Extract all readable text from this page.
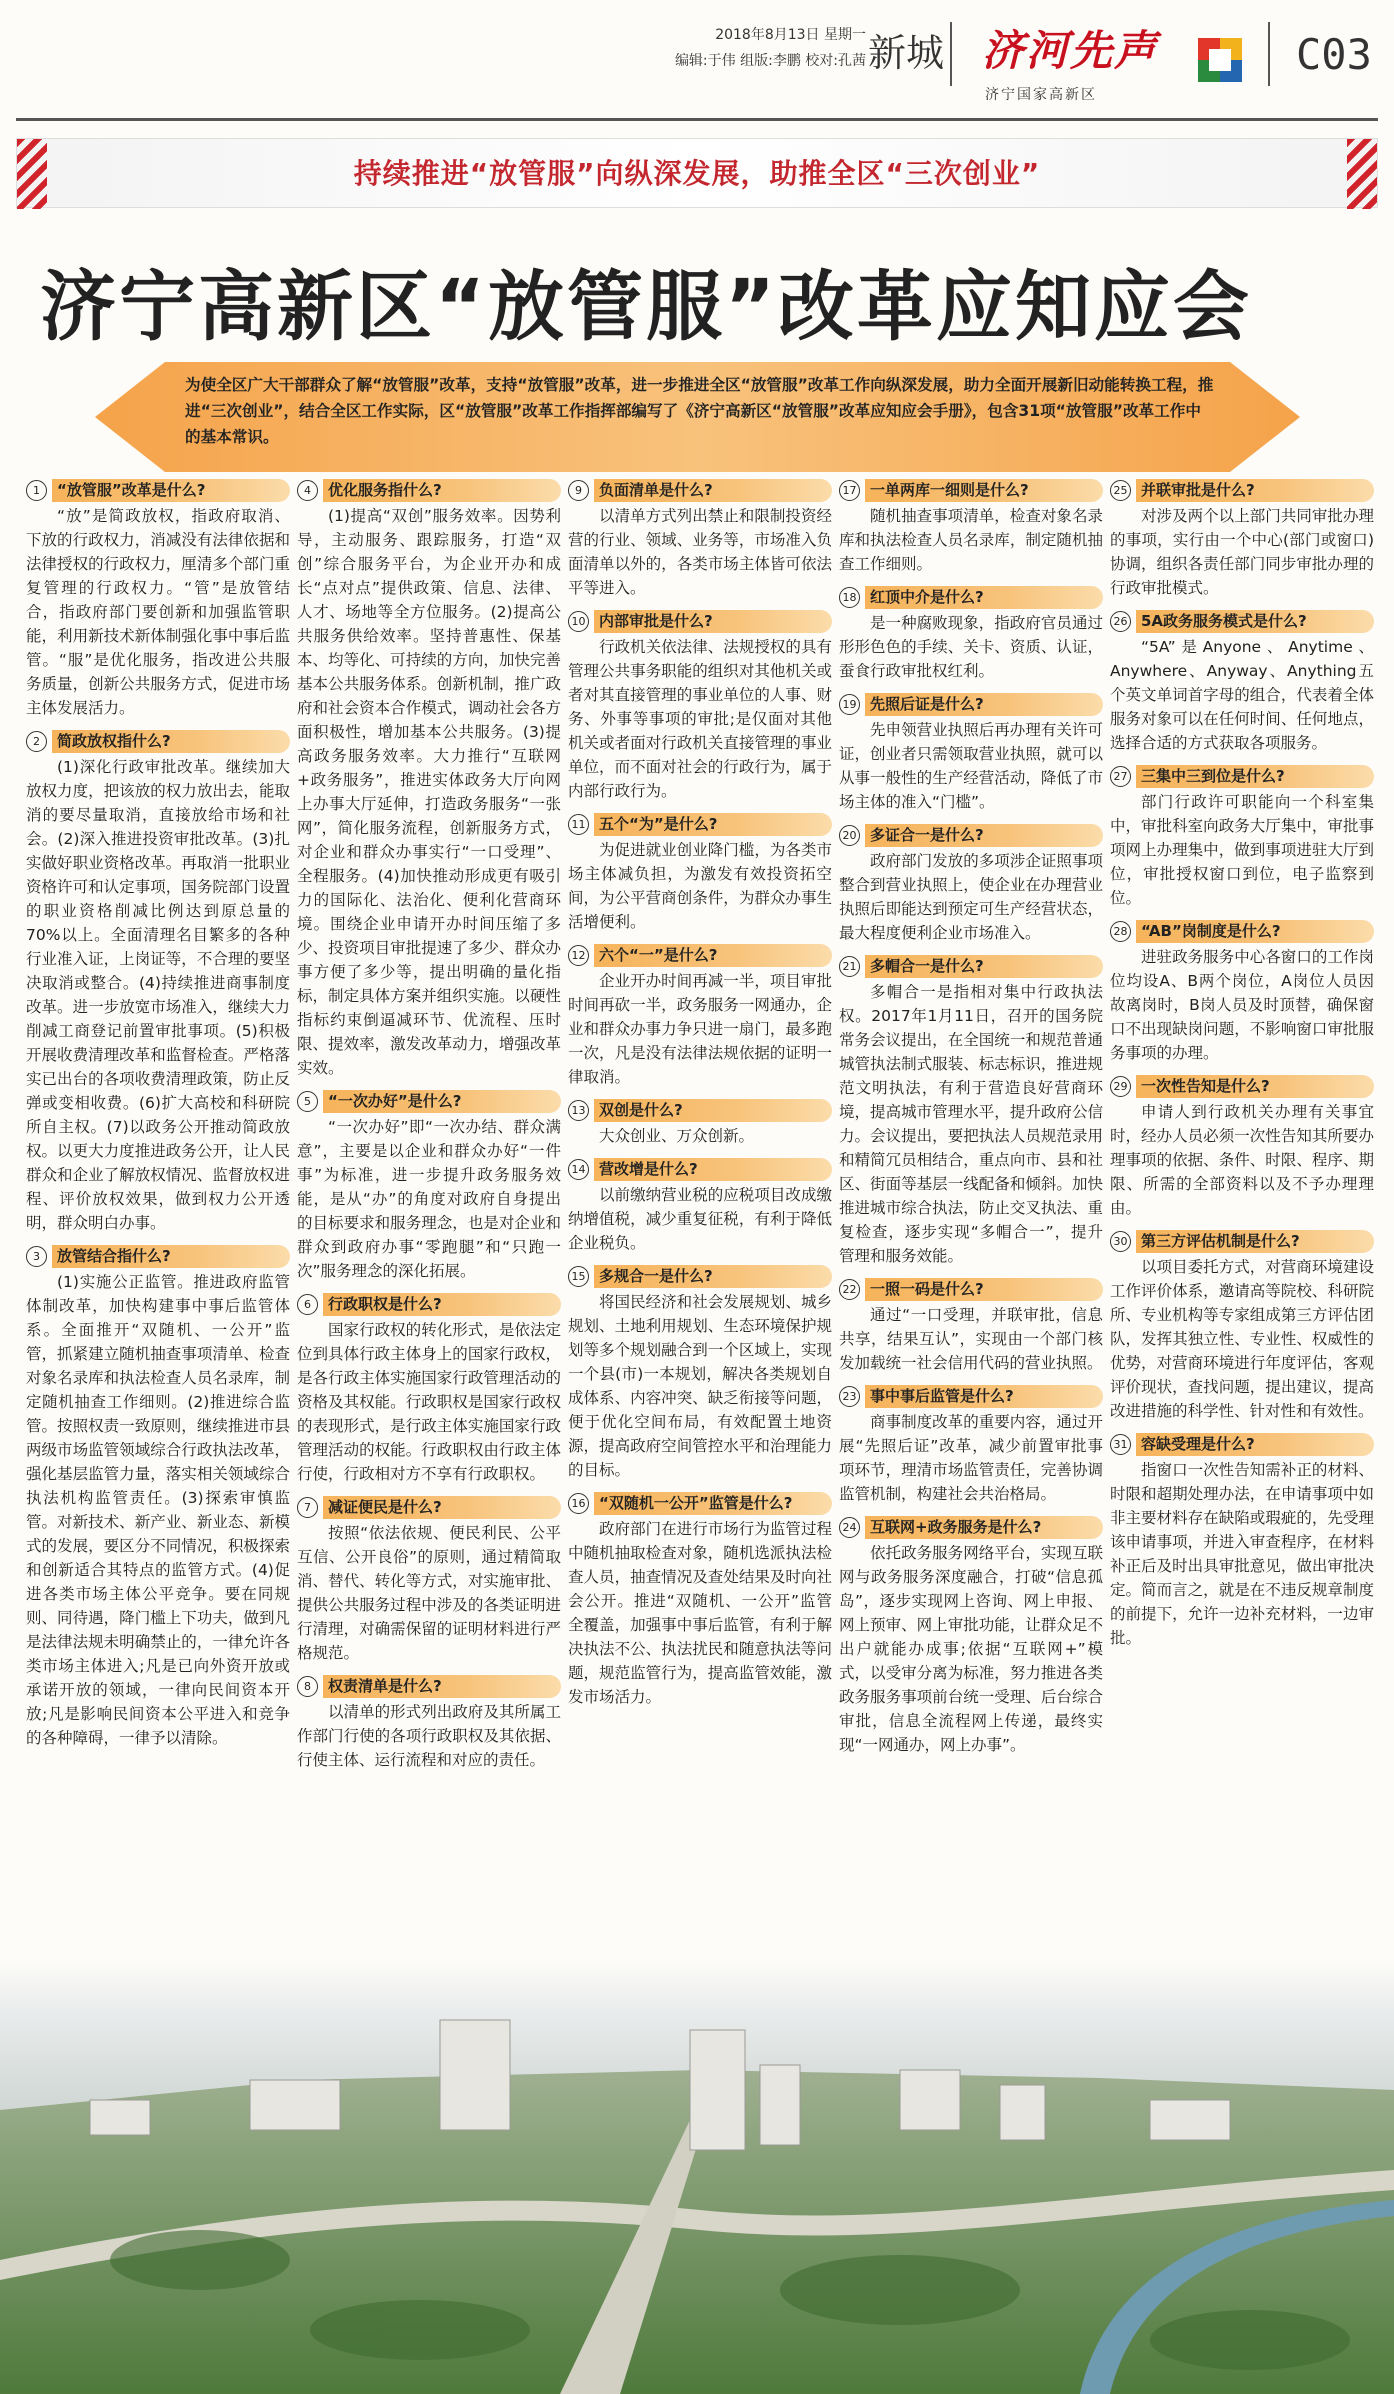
2018年8月13日 星期一
编辑:于伟 组版:李鹏 校对:孔茜 新城 济河先声
济宁国家高新区
C03
持续推进“放管服”向纵深发展，助推全区“三次创业”
济宁高新区“放管服”改革应知应会
为使全区广大干部群众了解“放管服”改革，支持“放管服”改革，进一步推进全区“放管服”改革工作向纵深发展，助力全面开展新旧动能转换工程，推进“三次创业”，结合全区工作实际，区“放管服”改革工作指挥部编写了《济宁高新区“放管服”改革应知应会手册》，包含31项“放管服”改革工作中的基本常识。
1	“放管服”改革是什么?
“放”是简政放权，指政府取消、下放的行政权力，消减没有法律依据和法律授权的行政权力，厘清多个部门重复管理的行政权力。“管”是放管结合，指政府部门要创新和加强监管职能，利用新技术新体制强化事中事后监管。“服”是优化服务，指改进公共服务质量，创新公共服务方式，促进市场主体发展活力。
2	简政放权指什么?
(1)深化行政审批改革。继续加大放权力度，把该放的权力放出去，能取消的要尽量取消，直接放给市场和社会。(2)深入推进投资审批改革。(3)扎实做好职业资格改革。再取消一批职业资格许可和认定事项，国务院部门设置的职业资格削减比例达到原总量的70%以上。全面清理名目繁多的各种行业准入证，上岗证等，不合理的要坚决取消或整合。(4)持续推进商事制度改革。进一步放宽市场准入，继续大力削减工商登记前置审批事项。(5)积极开展收费清理改革和监督检查。严格落实已出台的各项收费清理政策，防止反弹或变相收费。(6)扩大高校和科研院所自主权。(7)以政务公开推动简政放权。以更大力度推进政务公开，让人民群众和企业了解放权情况、监督放权进程、评价放权效果，做到权力公开透明，群众明白办事。
3	放管结合指什么?
(1)实施公正监管。推进政府监管体制改革，加快构建事中事后监管体系。全面推开“双随机、一公开”监管，抓紧建立随机抽查事项清单、检查对象名录库和执法检查人员名录库，制定随机抽查工作细则。(2)推进综合监管。按照权责一致原则，继续推进市县两级市场监管领域综合行政执法改革，强化基层监管力量，落实相关领域综合执法机构监管责任。(3)探索审慎监管。对新技术、新产业、新业态、新模式的发展，要区分不同情况，积极探索和创新适合其特点的监管方式。(4)促进各类市场主体公平竞争。要在同规则、同待遇，降门槛上下功夫，做到凡是法律法规未明确禁止的，一律允许各类市场主体进入;凡是已向外资开放或承诺开放的领域，一律向民间资本开放;凡是影响民间资本公平进入和竞争的各种障碍，一律予以清除。
4	优化服务指什么?
(1)提高“双创”服务效率。因势利导，主动服务、跟踪服务，打造“双创”综合服务平台，为企业开办和成长“点对点”提供政策、信息、法律、人才、场地等全方位服务。(2)提高公共服务供给效率。坚持普惠性、保基本、均等化、可持续的方向，加快完善基本公共服务体系。创新机制，推广政府和社会资本合作模式，调动社会各方面积极性，增加基本公共服务。(3)提高政务服务效率。大力推行“互联网+政务服务”，推进实体政务大厅向网上办事大厅延伸，打造政务服务“一张网”，简化服务流程，创新服务方式，对企业和群众办事实行“一口受理”、全程服务。(4)加快推动形成更有吸引力的国际化、法治化、便利化营商环境。围绕企业申请开办时间压缩了多少、投资项目审批提速了多少、群众办事方便了多少等，提出明确的量化指标，制定具体方案并组织实施。以硬性指标约束倒逼减环节、优流程、压时限、提效率，激发改革动力，增强改革实效。
5	“一次办好”是什么?
“一次办好”即“一次办结、群众满意”，主要是以企业和群众办好“一件事”为标准，进一步提升政务服务效能，是从“办”的角度对政府自身提出的目标要求和服务理念，也是对企业和群众到政府办事“零跑腿”和“只跑一次”服务理念的深化拓展。
6	行政职权是什么?
国家行政权的转化形式，是依法定位到具体行政主体身上的国家行政权，是各行政主体实施国家行政管理活动的资格及其权能。行政职权是国家行政权的表现形式，是行政主体实施国家行政管理活动的权能。行政职权由行政主体行使，行政相对方不享有行政职权。
7	减证便民是什么?
按照“依法依规、便民利民、公平互信、公开良俗”的原则，通过精简取消、替代、转化等方式，对实施审批、提供公共服务过程中涉及的各类证明进行清理，对确需保留的证明材料进行严格规范。
8	权责清单是什么?
以清单的形式列出政府及其所属工作部门行使的各项行政职权及其依据、行使主体、运行流程和对应的责任。
9	负面清单是什么?
以清单方式列出禁止和限制投资经营的行业、领域、业务等，市场准入负面清单以外的，各类市场主体皆可依法平等进入。
10 内部审批是什么?
行政机关依法律、法规授权的具有管理公共事务职能的组织对其他机关或者对其直接管理的事业单位的人事、财务、外事等事项的审批;是仅面对其他机关或者面对行政机关直接管理的事业单位，而不面对社会的行政行为，属于内部行政行为。
11 五个“为”是什么?
为促进就业创业降门槛，为各类市场主体减负担，为激发有效投资拓空间，为公平营商创条件，为群众办事生活增便利。
12 六个“一”是什么?
企业开办时间再减一半，项目审批时间再砍一半，政务服务一网通办，企业和群众办事力争只进一扇门，最多跑一次，凡是没有法律法规依据的证明一律取消。
13 双创是什么?
大众创业、万众创新。
14 营改增是什么?
以前缴纳营业税的应税项目改成缴纳增值税，减少重复征税，有利于降低企业税负。
15 多规合一是什么?
将国民经济和社会发展规划、城乡规划、土地利用规划、生态环境保护规划等多个规划融合到一个区域上，实现一个县(市)一本规划，解决各类规划自成体系、内容冲突、缺乏衔接等问题，便于优化空间布局，有效配置土地资源，提高政府空间管控水平和治理能力的目标。
16 “双随机一公开”监管是什么?
政府部门在进行市场行为监管过程中随机抽取检查对象，随机选派执法检查人员，抽查情况及查处结果及时向社会公开。推进“双随机、一公开”监管全覆盖，加强事中事后监管，有利于解决执法不公、执法扰民和随意执法等问题，规范监管行为，提高监管效能，激发市场活力。
17 一单两库一细则是什么?
随机抽查事项清单，检查对象名录库和执法检查人员名录库，制定随机抽查工作细则。
18 红顶中介是什么?
是一种腐败现象，指政府官员通过形形色色的手续、关卡、资质、认证，蚕食行政审批权红利。
19 先照后证是什么?
先申领营业执照后再办理有关许可证，创业者只需领取营业执照，就可以从事一般性的生产经营活动，降低了市场主体的准入“门槛”。
20 多证合一是什么?
政府部门发放的多项涉企证照事项整合到营业执照上，使企业在办理营业执照后即能达到预定可生产经营状态，最大程度便利企业市场准入。
21 多帽合一是什么?
多帽合一是指相对集中行政执法权。2017年1月11日，召开的国务院常务会议提出，在全国统一和规范普通城管执法制式服装、标志标识，推进规范文明执法，有利于营造良好营商环境，提高城市管理水平，提升政府公信力。会议提出，要把执法人员规范录用和精简冗员相结合，重点向市、县和社区、街面等基层一线配备和倾斜。加快推进城市综合执法，防止交叉执法、重复检查，逐步实现“多帽合一”，提升管理和服务效能。
22 一照一码是什么?
通过“一口受理，并联审批，信息共享，结果互认”，实现由一个部门核发加载统一社会信用代码的营业执照。
23 事中事后监管是什么?
商事制度改革的重要内容，通过开展“先照后证”改革，减少前置审批事项环节，理清市场监管责任，完善协调监管机制，构建社会共治格局。
24 互联网+政务服务是什么?
依托政务服务网络平台，实现互联网与政务服务深度融合，打破“信息孤岛”，逐步实现网上咨询、网上申报、网上预审、网上审批功能，让群众足不出户就能办成事;依据“互联网+”模式，以受审分离为标准，努力推进各类政务服务事项前台统一受理、后台综合审批，信息全流程网上传递，最终实现“一网通办，网上办事”。
25 并联审批是什么?
对涉及两个以上部门共同审批办理的事项，实行由一个中心(部门或窗口)协调，组织各责任部门同步审批办理的行政审批模式。
26 5A政务服务模式是什么?
“5A”是Anyone、Anytime、Anywhere、Anyway、Anything五个英文单词首字母的组合，代表着全体服务对象可以在任何时间、任何地点，选择合适的方式获取各项服务。
27 三集中三到位是什么?
部门行政许可职能向一个科室集中，审批科室向政务大厅集中，审批事项网上办理集中，做到事项进驻大厅到位，审批授权窗口到位，电子监察到位。
28 “AB”岗制度是什么?
进驻政务服务中心各窗口的工作岗位均设A、B两个岗位，A岗位人员因故离岗时，B岗人员及时顶替，确保窗口不出现缺岗问题，不影响窗口审批服务事项的办理。
29 一次性告知是什么?
申请人到行政机关办理有关事宜时，经办人员必须一次性告知其所要办理事项的依据、条件、时限、程序、期限、所需的全部资料以及不予办理理由。
30 第三方评估机制是什么?
以项目委托方式，对营商环境建设工作评价体系，邀请高等院校、科研院所、专业机构等专家组成第三方评估团队，发挥其独立性、专业性、权威性的优势，对营商环境进行年度评估，客观评价现状，查找问题，提出建议，提高改进措施的科学性、针对性和有效性。
31 容缺受理是什么?
指窗口一次性告知需补正的材料、时限和超期处理办法，在申请事项中如非主要材料存在缺陷或瑕疵的，先受理该申请事项，并进入审查程序，在材料补正后及时出具审批意见，做出审批决定。简而言之，就是在不违反规章制度的前提下，允许一边补充材料，一边审批。
